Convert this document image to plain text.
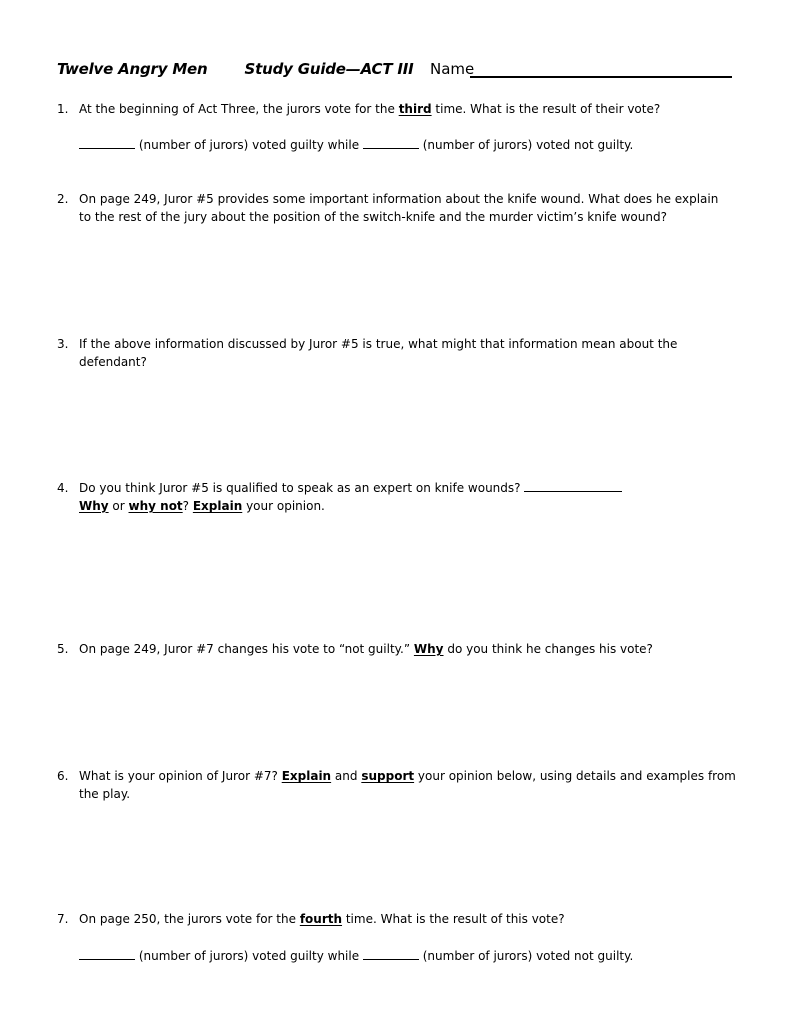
Twelve Angry Men Study Guide—ACT III Name
1. At the beginning of Act Three, the jurors vote for the third time. What is the result of their vote?
(number of jurors) voted guilty while	(number of jurors) voted not guilty.
2. On page 249, Juror #5 provides some important information about the knife wound. What does he explain
to the rest of the jury about the position of the switch-knife and the murder victim’s knife wound?
3. If the above information discussed by Juror #5 is true, what might that information mean about the
defendant?
4. Do you think Juror #5 is qualified to speak as an expert on knife wounds?
Why or why not? Explain your opinion.
5. On page 249, Juror #7 changes his vote to “not guilty.” Why do you think he changes his vote?
6. What is your opinion of Juror #7? Explain and support your opinion below, using details and examples from
the play.
7. On page 250, the jurors vote for the fourth time. What is the result of this vote?
(number of jurors) voted guilty while	(number of jurors) voted not guilty.
